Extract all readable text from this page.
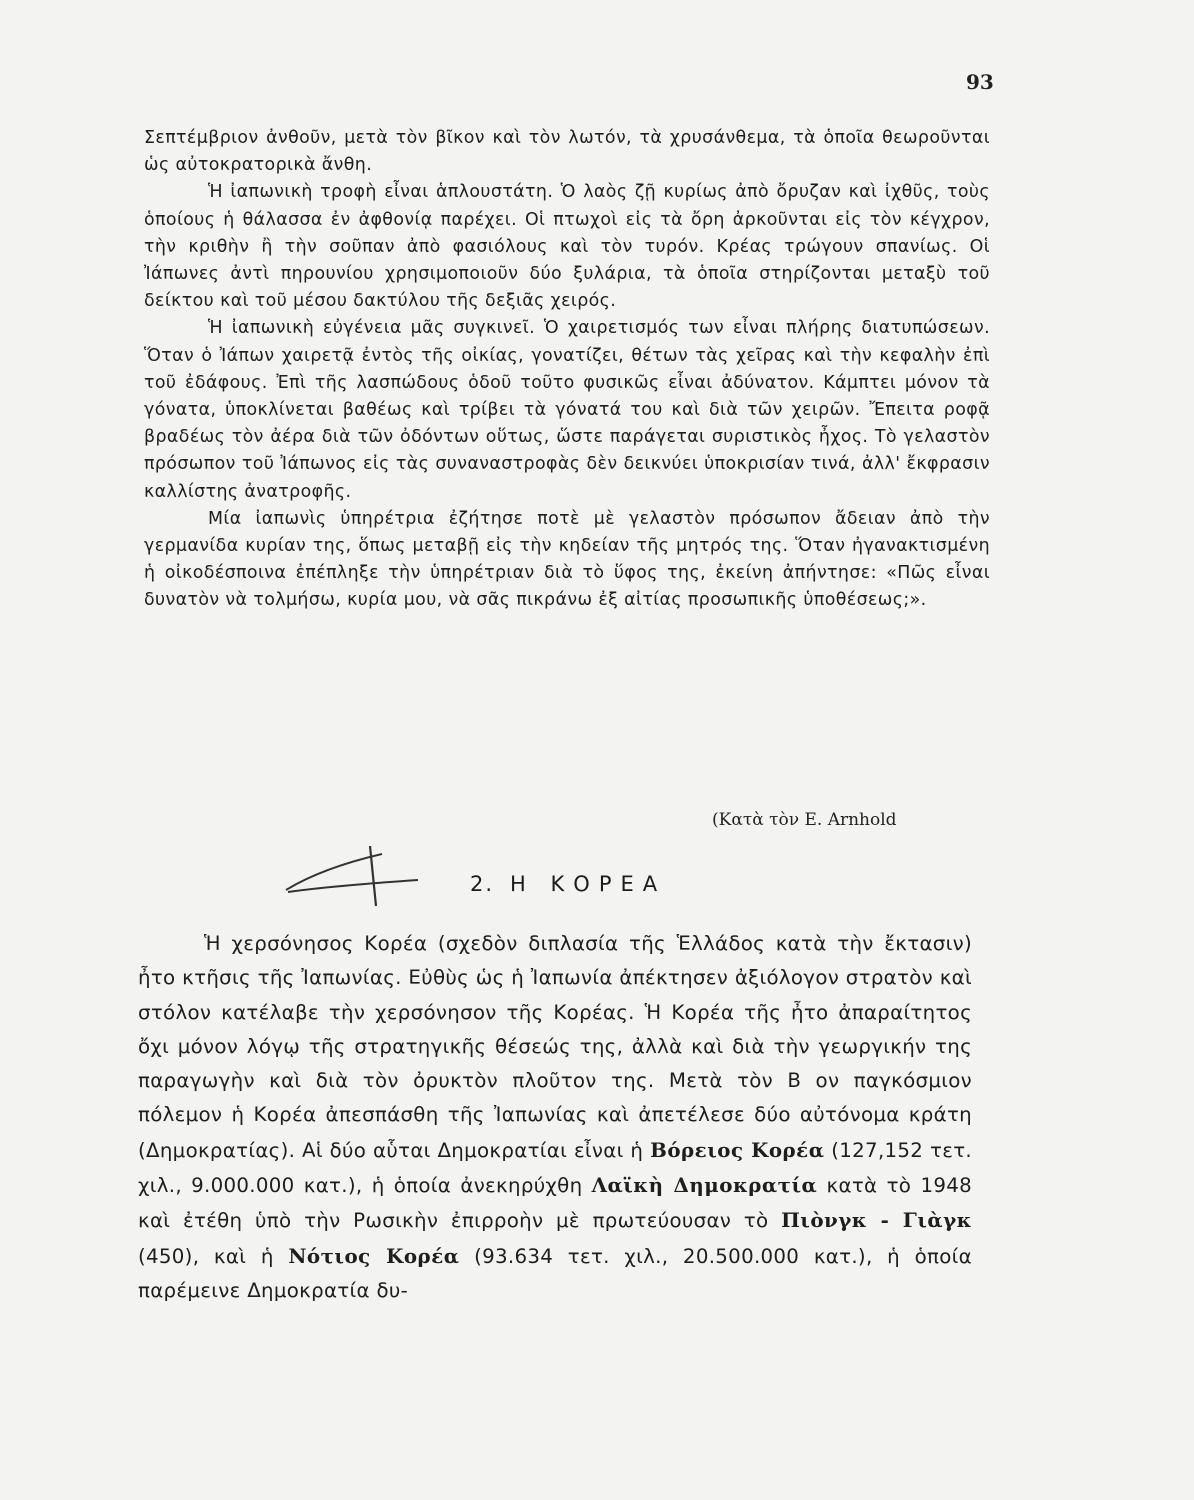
93

Σεπτέμβριον ἀνθοῦν, μετὰ τὸν βῖκον καὶ τὸν λωτόν, τὰ χρυσάνθεμα, τὰ ὁποῖα θεωροῦνται ὡς αὐτοκρατορικὰ ἄνθη.

Ἡ ἰαπωνικὴ τροφὴ εἶναι ἁπλουστάτη. Ὁ λαὸς ζῇ κυρίως ἀπὸ ὄρυζαν καὶ ἰχθῦς, τοὺς ὁποίους ἡ θάλασσα ἐν ἀφθονίᾳ παρέχει. Οἱ πτωχοὶ εἰς τὰ ὄρη ἀρκοῦνται εἰς τὸν κέγχρον, τὴν κριθὴν ἢ τὴν σοῦπαν ἀπὸ φασιόλους καὶ τὸν τυρόν. Κρέας τρώγουν σπανίως. Οἱ Ἰάπωνες ἀντὶ πηρουνίου χρησιμοποιοῦν δύο ξυλάρια, τὰ ὁποῖα στηρίζονται μεταξὺ τοῦ δείκτου καὶ τοῦ μέσου δακτύλου τῆς δεξιᾶς χειρός.

Ἡ ἰαπωνικὴ εὐγένεια μᾶς συγκινεῖ. Ὁ χαιρετισμός των εἶναι πλήρης διατυπώσεων. Ὅταν ὁ Ἰάπων χαιρετᾷ ἐντὸς τῆς οἰκίας, γονατίζει, θέτων τὰς χεῖρας καὶ τὴν κεφαλὴν ἐπὶ τοῦ ἐδάφους. Ἐπὶ τῆς λασπώδους ὁδοῦ τοῦτο φυσικῶς εἶναι ἀδύνατον. Κάμπτει μόνον τὰ γόνατα, ὑποκλίνεται βαθέως καὶ τρίβει τὰ γόνατά του καὶ διὰ τῶν χειρῶν. Ἔπειτα ροφᾷ βραδέως τὸν ἀέρα διὰ τῶν ὀδόντων οὕτως, ὥστε παράγεται συριστικὸς ἦχος. Τὸ γελαστὸν πρόσωπον τοῦ Ἰάπωνος εἰς τὰς συναναστροφὰς δὲν δεικνύει ὑποκρισίαν τινά, ἀλλ' ἔκφρασιν καλλίστης ἀνατροφῆς.

Μία ἰαπωνὶς ὑπηρέτρια ἐζήτησε ποτὲ μὲ γελαστὸν πρόσωπον ἄδειαν ἀπὸ τὴν γερμανίδα κυρίαν της, ὅπως μεταβῇ εἰς τὴν κηδείαν τῆς μητρός της. Ὅταν ἠγανακτισμένη ἡ οἰκοδέσποινα ἐπέπληξε τὴν ὑπηρέτριαν διὰ τὸ ὕφος της, ἐκείνη ἀπήντησε: «Πῶς εἶναι δυνατὸν νὰ τολμήσω, κυρία μου, νὰ σᾶς πικράνω ἐξ αἰτίας προσωπικῆς ὑποθέσεως;».

(Κατὰ τὸν E. Arnhold
2. Η ΚΟΡΕΑ

Ἡ χερσόνησος Κορέα (σχεδὸν διπλασία τῆς Ἑλλάδος κατὰ τὴν ἔκτασιν) ἦτο κτῆσις τῆς Ἰαπωνίας. Εὐθὺς ὡς ἡ Ἰαπωνία ἀπέκτησεν ἀξιόλογον στρατὸν καὶ στόλον κατέλαβε τὴν χερσόνησον τῆς Κορέας. Ἡ Κορέα τῆς ἦτο ἀπαραίτητος ὄχι μόνον λόγῳ τῆς στρατηγικῆς θέσεώς της, ἀλλὰ καὶ διὰ τὴν γεωργικήν της παραγωγὴν καὶ διὰ τὸν ὀρυκτὸν πλοῦτον της. Μετὰ τὸν Β ον παγκόσμιον πόλεμον ἡ Κορέα ἀπεσπάσθη τῆς Ἰαπωνίας καὶ ἀπετέλεσε δύο αὐτόνομα κράτη (Δημοκρατίας). Αἱ δύο αὗται Δημοκρατίαι εἶναι ἡ Βόρειος Κορέα (127,152 τετ. χιλ., 9.000.000 κατ.), ἡ ὁποία ἀνεκηρύχθη Λαϊκὴ Δημοκρατία κατὰ τὸ 1948 καὶ ἐτέθη ὑπὸ τὴν Ρωσικὴν ἐπιρροὴν μὲ πρωτεύουσαν τὸ Πιὸνγκ - Γιὰγκ (450), καὶ ἡ Νότιος Κορέα (93.634 τετ. χιλ., 20.500.000 κατ.), ἡ ὁποία παρέμεινε Δημοκρατία δυ-
